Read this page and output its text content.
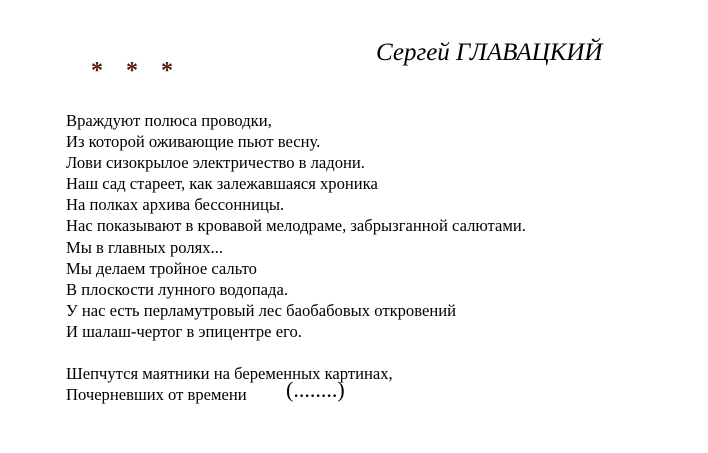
Сергей ГЛАВАЦКИЙ
* * *
Враждуют полюса проводки,
Из которой оживающие пьют весну.
Лови сизокрылое электричество в ладони.
Наш сад стареет, как залежавшаяся хроника
На полках архива бессонницы.
Нас показывают в кровавой мелодраме, забрызганной салютами.
Мы в главных ролях...
Мы делаем тройное сальто
В плоскости лунного водопада.
У нас есть перламутровый лес баобабовых откровений
И шалаш-чертог в эпицентре его.
Шепчутся маятники на беременных картинах,
Почерневших от времени	(........)
